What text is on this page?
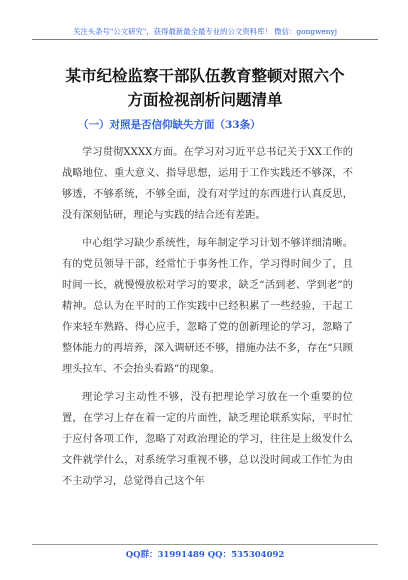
关注头条号"公文研究"，获得最新最全最专业的公文资料库！ 微信：gongwenyj
某市纪检监察干部队伍教育整顿对照六个
方面检视剖析问题清单
（一）对照是否信仰缺失方面（33条）

学习贯彻XXXX方面。在学习对习近平总书记关于XX工作的战略地位、重大意义、指导思想，运用于工作实践还不够深，不够透，不够系统，不够全面，没有对学过的东西进行认真反思，没有深刻钻研，理论与实践的结合还有差距。

中心组学习缺少系统性，每年制定学习计划不够详细清晰。有的党员领导干部，经常忙于事务性工作，学习得时间少了，且时间一长，就慢慢放松对学习的要求，缺乏“活到老、学到老”的精神。总认为在平时的工作实践中已经积累了一些经验，干起工作来轻车熟路、得心应手，忽略了党的创新理论的学习，忽略了整体能力的再培养，深入调研还不够，措施办法不多，存在“只顾埋头拉车、不会抬头看路”的现象。

理论学习主动性不够，没有把理论学习放在一个重要的位置，在学习上存在着一定的片面性，缺乏理论联系实际，平时忙于应付各项工作，忽略了对政治理论的学习，往往是上级发什么文件就学什么，对系统学习重视不够，总以没时间或工作忙为由不主动学习，总觉得自己这个年

QQ群：31991489 QQ：535304092
